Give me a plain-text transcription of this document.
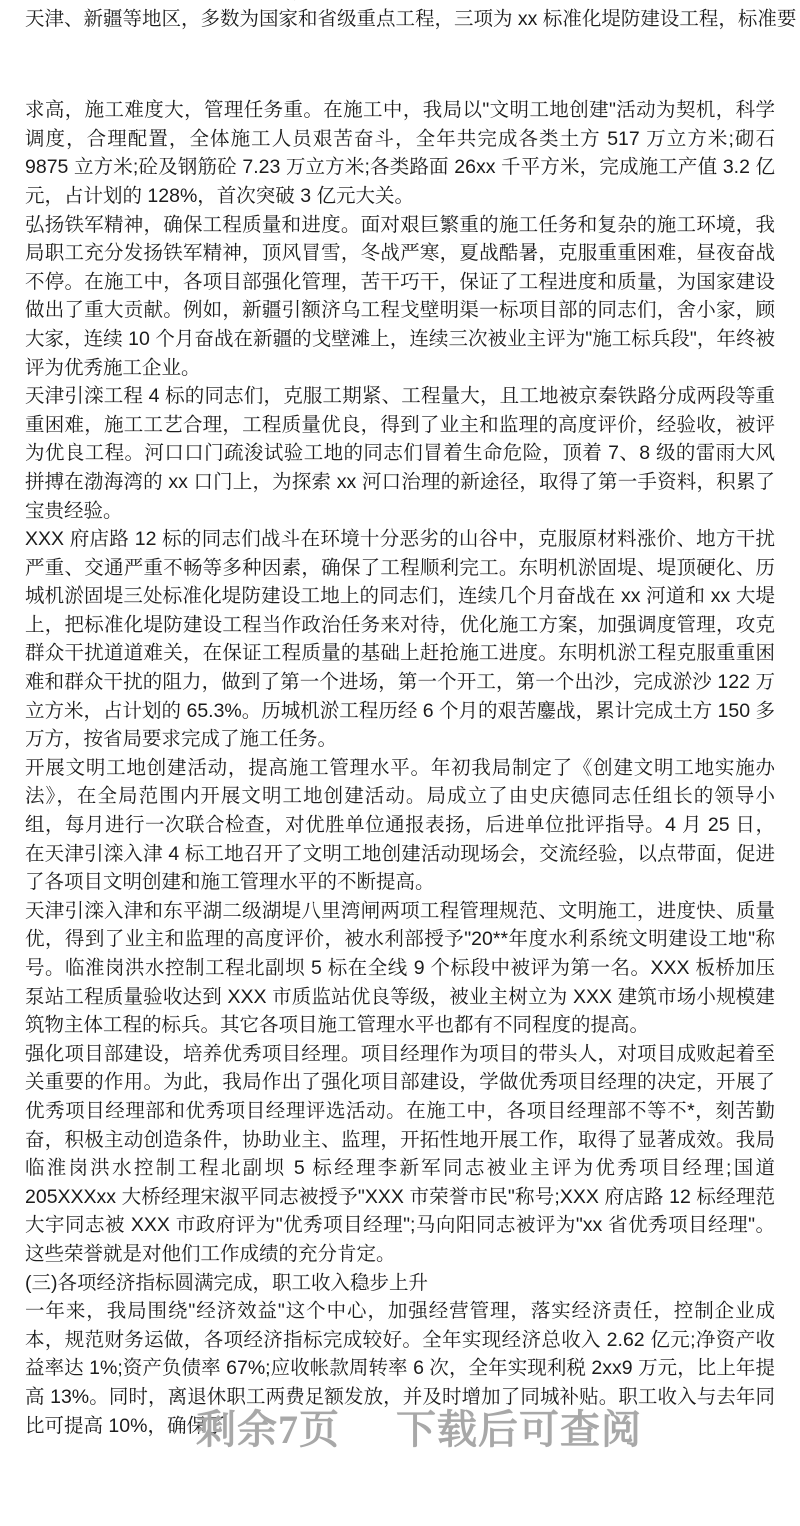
天津、新疆等地区，多数为国家和省级重点工程，三项为 xx 标准化堤防建设工程，标准要

求高，施工难度大，管理任务重。在施工中，我局以"文明工地创建"活动为契机，科学调度，合理配置，全体施工人员艰苦奋斗，全年共完成各类土方 517 万立方米;砌石 9875 立方米;砼及钢筋砼 7.23 万立方米;各类路面 26xx 千平方米，完成施工产值 3.2 亿元，占计划的 128%，首次突破 3 亿元大关。

弘扬铁军精神，确保工程质量和进度。面对艰巨繁重的施工任务和复杂的施工环境，我局职工充分发扬铁军精神，顶风冒雪，冬战严寒，夏战酷暑，克服重重困难，昼夜奋战不停。在施工中，各项目部强化管理，苦干巧干，保证了工程进度和质量，为国家建设做出了重大贡献。例如，新疆引额济乌工程戈壁明渠一标项目部的同志们，舍小家，顾大家，连续 10 个月奋战在新疆的戈壁滩上，连续三次被业主评为"施工标兵段"，年终被评为优秀施工企业。

天津引滦工程 4 标的同志们，克服工期紧、工程量大，且工地被京秦铁路分成两段等重重困难，施工工艺合理，工程质量优良，得到了业主和监理的高度评价，经验收，被评为优良工程。河口口门疏浚试验工地的同志们冒着生命危险，顶着 7、8 级的雷雨大风拼搏在渤海湾的 xx 口门上，为探索 xx 河口治理的新途径，取得了第一手资料，积累了宝贵经验。

XXX 府店路 12 标的同志们战斗在环境十分恶劣的山谷中，克服原材料涨价、地方干扰严重、交通严重不畅等多种因素，确保了工程顺利完工。东明机淤固堤、堤顶硬化、历城机淤固堤三处标准化堤防建设工地上的同志们，连续几个月奋战在 xx 河道和 xx 大堤上，把标准化堤防建设工程当作政治任务来对待，优化施工方案，加强调度管理，攻克群众干扰道道难关，在保证工程质量的基础上赶抢施工进度。东明机淤工程克服重重困难和群众干扰的阻力，做到了第一个进场，第一个开工，第一个出沙，完成淤沙 122 万立方米，占计划的 65.3%。历城机淤工程历经 6 个月的艰苦鏖战，累计完成土方 150 多万方，按省局要求完成了施工任务。

开展文明工地创建活动，提高施工管理水平。年初我局制定了《创建文明工地实施办法》，在全局范围内开展文明工地创建活动。局成立了由史庆德同志任组长的领导小组，每月进行一次联合检查，对优胜单位通报表扬，后进单位批评指导。4 月 25 日，在天津引滦入津 4 标工地召开了文明工地创建活动现场会，交流经验，以点带面，促进了各项目文明创建和施工管理水平的不断提高。

天津引滦入津和东平湖二级湖堤八里湾闸两项工程管理规范、文明施工，进度快、质量优，得到了业主和监理的高度评价，被水利部授予"20**年度水利系统文明建设工地"称号。临淮岗洪水控制工程北副坝 5 标在全线 9 个标段中被评为第一名。XXX 板桥加压泵站工程质量验收达到 XXX 市质监站优良等级，被业主树立为 XXX 建筑市场小规模建筑物主体工程的标兵。其它各项目施工管理水平也都有不同程度的提高。

强化项目部建设，培养优秀项目经理。项目经理作为项目的带头人，对项目成败起着至关重要的作用。为此，我局作出了强化项目部建设，学做优秀项目经理的决定，开展了优秀项目经理部和优秀项目经理评选活动。在施工中，各项目经理部不等不*，刻苦勤奋，积极主动创造条件，协助业主、监理，开拓性地开展工作，取得了显著成效。我局临淮岗洪水控制工程北副坝 5 标经理李新军同志被业主评为优秀项目经理;国道 205XXXxx 大桥经理宋淑平同志被授予"XXX 市荣誉市民"称号;XXX 府店路 12 标经理范大宇同志被 XXX 市政府评为"优秀项目经理";马向阳同志被评为"xx 省优秀项目经理"。这些荣誉就是对他们工作成绩的充分肯定。

(三)各项经济指标圆满完成，职工收入稳步上升

一年来，我局围绕"经济效益"这个中心，加强经营管理，落实经济责任，控制企业成本，规范财务运做，各项经济指标完成较好。全年实现经济总收入 2.62 亿元;净资产收益率达 1%;资产负债率 67%;应收帐款周转率 6 次，全年实现利税 2xx9 万元，比上年提高 13%。同时，离退休职工两费足额发放，并及时增加了同城补贴。职工收入与去年同比可提高 10%，确保了

剩余7页 下载后可查阅
